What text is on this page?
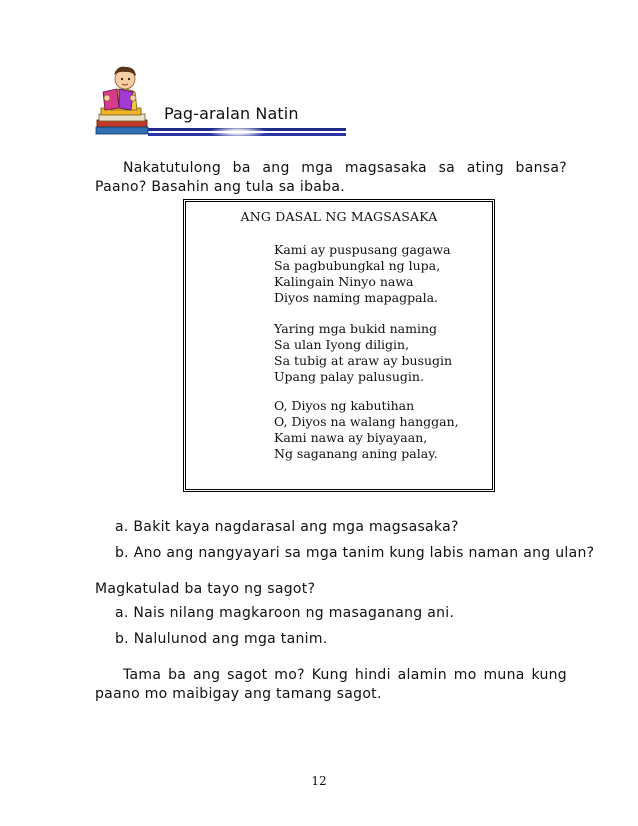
Pag-aralan Natin
Nakatutulong ba ang mga magsasaka sa ating bansa? Paano? Basahin ang tula sa ibaba.
ANG DASAL NG MAGSASAKA
Kami ay puspusang gagawa
Sa pagbubungkal ng lupa,
Kalingain Ninyo nawa
Diyos naming mapagpala.
Yaring mga bukid naming
Sa ulan Iyong diligin,
Sa tubig at araw ay busugin
Upang palay palusugin.
O, Diyos ng kabutihan
O, Diyos na walang hanggan,
Kami nawa ay biyayaan,
Ng saganang aning palay.
a. Bakit kaya nagdarasal ang mga magsasaka?
b. Ano ang nangyayari sa mga tanim kung labis naman ang ulan?
Magkatulad ba tayo ng sagot?
a. Nais nilang magkaroon ng masaganang ani.
b. Nalulunod ang mga tanim.
Tama ba ang sagot mo? Kung hindi alamin mo muna kung paano mo maibigay ang tamang sagot.
12
